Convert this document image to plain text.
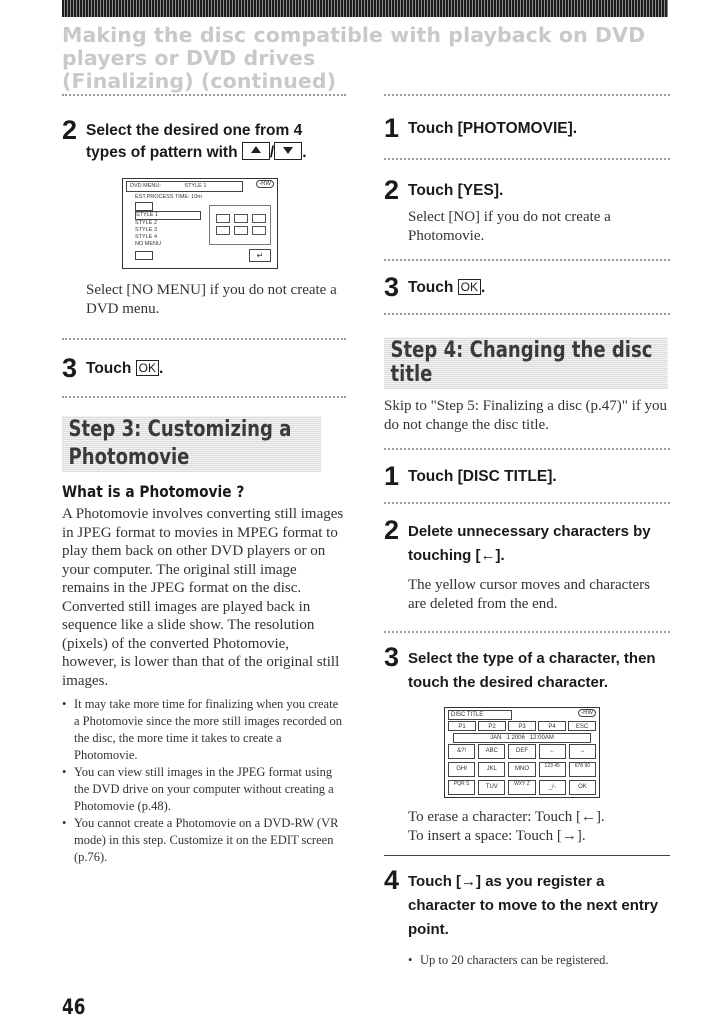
Making the disc compatible with playback on DVD players or DVD drives
(Finalizing) (continued)
2 Select the desired one from 4 types of pattern with / .
DVD MENU:	STYLE 1	-RW
EST.PROCESS TIME: 10m
STYLE 1
STYLE 2
STYLE 3
STYLE 4
NO MENU
↵
Select [NO MENU] if you do not create a DVD menu.
3 Touch OK .
Step 3: Customizing a
Photomovie
What is a Photomovie ?
A Photomovie involves converting still images in JPEG format to movies in MPEG format to play them back on other DVD players or on your computer. The original still image remains in the JPEG format on the disc.
Converted still images are played back in sequence like a slide show. The resolution (pixels) of the converted Photomovie, however, is lower than that of the original still images.
• It may take more time for finalizing when you create a Photomovie since the more still images recorded on the disc, the more time it takes to create a Photomovie.
• You can view still images in the JPEG format using the DVD drive on your computer without creating a Photomovie (p.48).
• You cannot create a Photomovie on a DVD-RW (VR mode) in this step. Customize it on the EDIT screen (p.76).
1 Touch [PHOTOMOVIE].
2 Touch [YES].
Select [NO] if you do not create a Photomovie.
3 Touch OK .
Step 4: Changing the disc title
Skip to "Step 5: Finalizing a disc (p.47)" if you do not change the disc title.
1 Touch [DISC TITLE].
2 Delete unnecessary characters by touching [←].
The yellow cursor moves and characters are deleted from the end.
3 Select the type of a character, then touch the desired character.
DISC TITLE	-RW
P1	P2	P3	P4	ESC
JAN   1 2006   12:00AM
&?!	ABC	DEF	←	→
GHI	JKL	MNO	123 45	678 90
PQR S	TUV	WXY Z	_/-	OK
To erase a character: Touch [←].
To insert a space: Touch [→].
4 Touch [→] as you register a character to move to the next entry point.
• Up to 20 characters can be registered.
46
